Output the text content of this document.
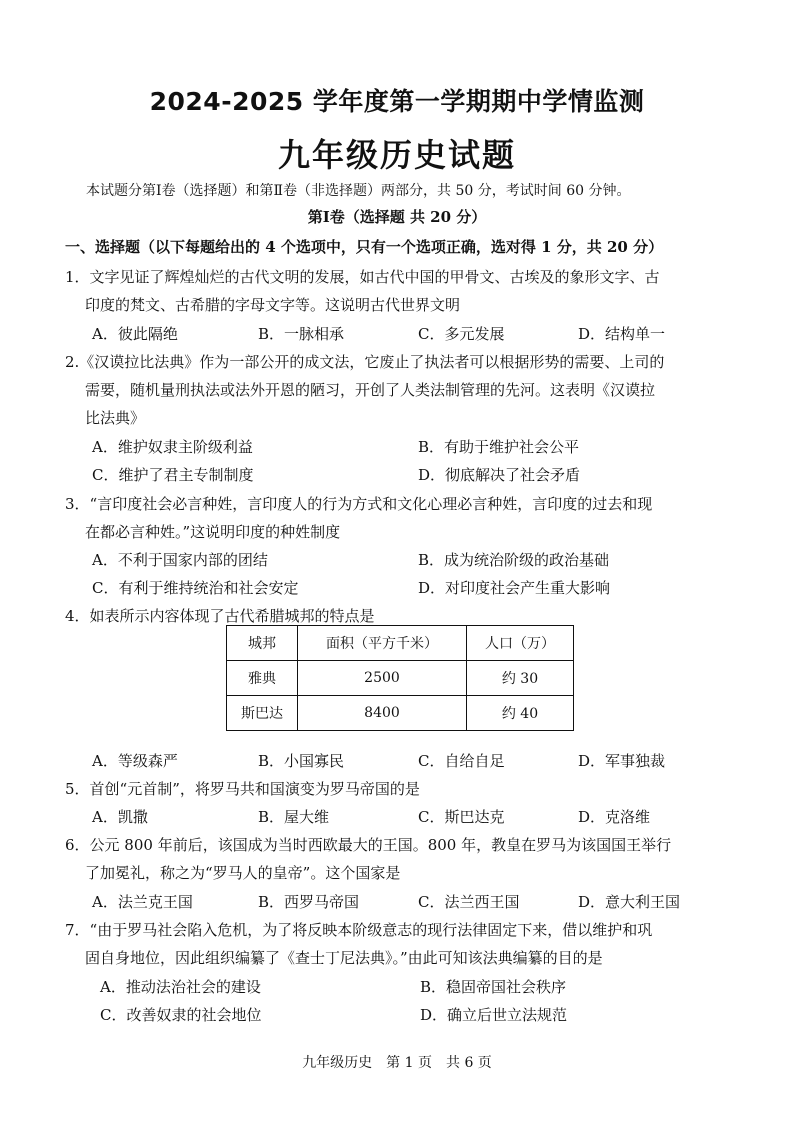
2024-2025 学年度第一学期期中学情监测
九年级历史试题
本试题分第Ⅰ卷（选择题）和第Ⅱ卷（非选择题）两部分，共 50 分，考试时间 60 分钟。
第Ⅰ卷（选择题 共 20 分）
一、选择题（以下每题给出的 4 个选项中，只有一个选项正确，选对得 1 分，共 20 分）
1．文字见证了辉煌灿烂的古代文明的发展，如古代中国的甲骨文、古埃及的象形文字、古
印度的梵文、古希腊的字母文字等。这说明古代世界文明
A．彼此隔绝	B．一脉相承	C．多元发展	D．结构单一
2.《汉谟拉比法典》作为一部公开的成文法，它废止了执法者可以根据形势的需要、上司的
需要，随机量刑执法或法外开恩的陋习，开创了人类法制管理的先河。这表明《汉谟拉
比法典》
A．维护奴隶主阶级利益	B．有助于维护社会公平
C．维护了君主专制制度	D．彻底解决了社会矛盾
3．“言印度社会必言种姓，言印度人的行为方式和文化心理必言种姓，言印度的过去和现
在都必言种姓。”这说明印度的种姓制度
A．不利于国家内部的团结	B．成为统治阶级的政治基础
C．有利于维持统治和社会安定	D．对印度社会产生重大影响
4．如表所示内容体现了古代希腊城邦的特点是
城邦	面积（平方千米）	人口（万）
雅典	2500	约 30
斯巴达	8400	约 40
A．等级森严	B．小国寡民	C．自给自足	D．军事独裁
5．首创“元首制”，将罗马共和国演变为罗马帝国的是
A．凯撒	B．屋大维	C．斯巴达克	D．克洛维
6．公元 800 年前后，该国成为当时西欧最大的王国。800 年，教皇在罗马为该国国王举行
了加冕礼，称之为“罗马人的皇帝”。这个国家是
A．法兰克王国	B．西罗马帝国	C．法兰西王国	D．意大利王国
7．“由于罗马社会陷入危机，为了将反映本阶级意志的现行法律固定下来，借以维护和巩
固自身地位，因此组织编纂了《查士丁尼法典》。”由此可知该法典编纂的目的是
A．推动法治社会的建设	B．稳固帝国社会秩序
C．改善奴隶的社会地位	D．确立后世立法规范
九年级历史　第 1 页　共 6 页
